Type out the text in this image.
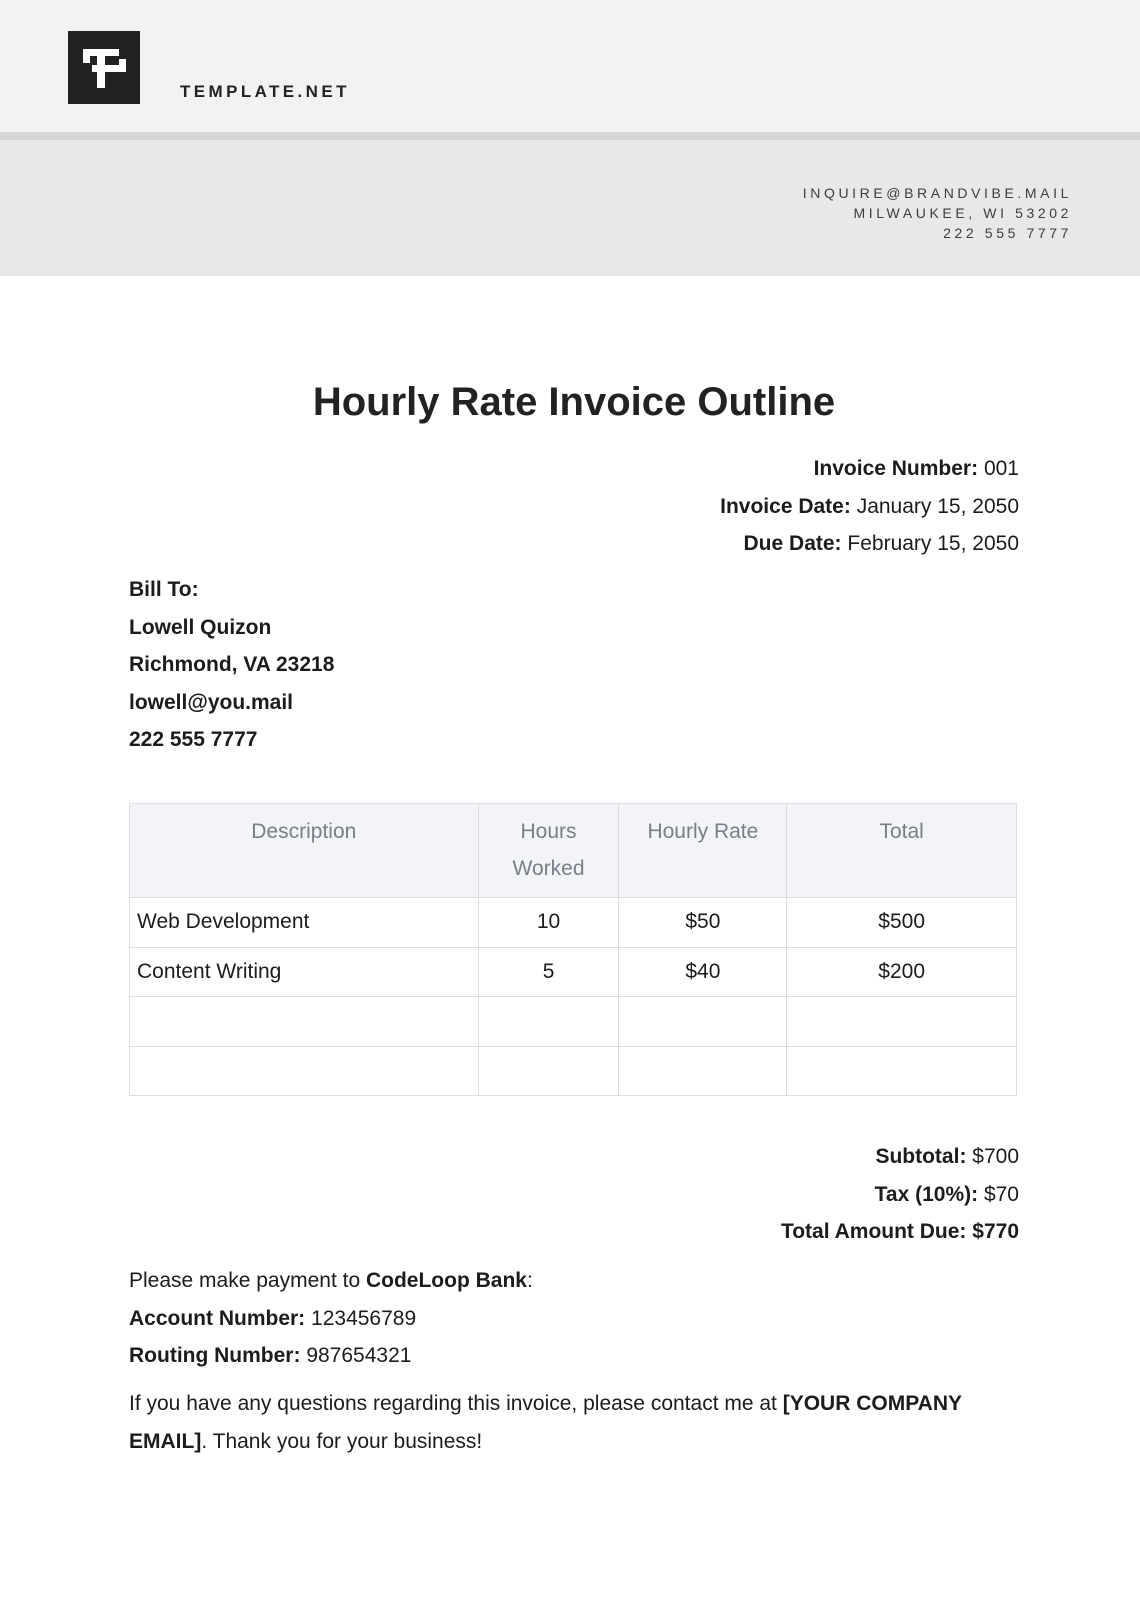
TEMPLATE.NET
INQUIRE@BRANDVIBE.MAIL
MILWAUKEE, WI 53202
222 555 7777
Hourly Rate Invoice Outline
Invoice Number: 001
Invoice Date: January 15, 2050
Due Date: February 15, 2050
Bill To:
Lowell Quizon
Richmond, VA 23218
lowell@you.mail
222 555 7777
Description	Hours Worked	Hourly Rate	Total
Web Development	10	$50	$500
Content Writing	5	$40	$200

Subtotal: $700
Tax (10%): $70
Total Amount Due: $770
Please make payment to CodeLoop Bank:
Account Number: 123456789
Routing Number: 987654321

If you have any questions regarding this invoice, please contact me at [YOUR COMPANY EMAIL]. Thank you for your business!
